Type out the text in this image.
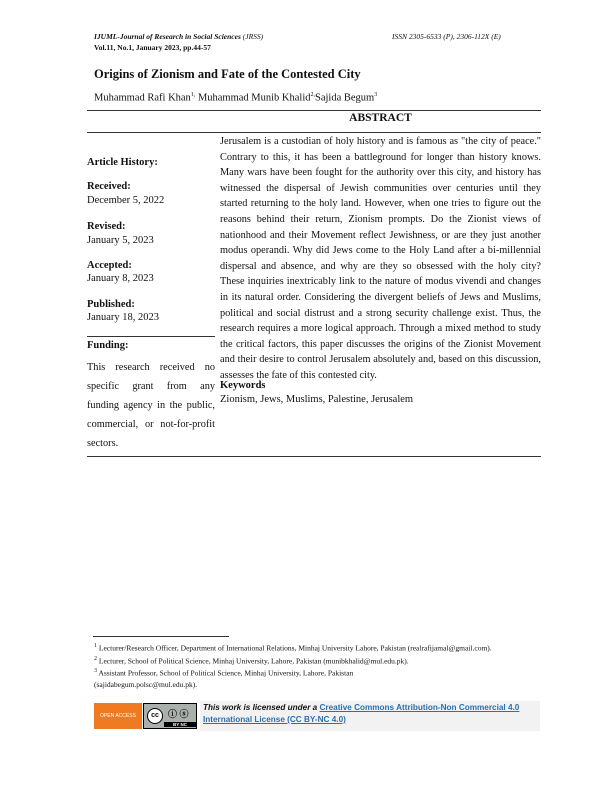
IJUML-Journal of Research in Social Sciences (JRSS)	ISSN 2305-6533 (P), 2306-112X (E)
Vol.11, No.1, January 2023, pp.44-57
Origins of Zionism and Fate of the Contested City
Muhammad Rafi Khan$^{1,}$ Muhammad Munib Khalid$^{2,}$Sajida Begum$^3$
ABSTRACT
Jerusalem is a custodian of holy history and is famous as "the city of peace." Contrary to this, it has been a battleground for longer than history knows. Many wars have been fought for the authority over this city, and history has witnessed the dispersal of Jewish communities over centuries until they started returning to the holy land. However, when one tries to figure out the reasons behind their return, Zionism prompts. Do the Zionist views of nationhood and their Movement reflect Jewishness, or are they just another modus operandi. Why did Jews come to the Holy Land after a bi-millennial dispersal and absence, and why are they so obsessed with the holy city? These inquiries inextricably link to the nature of modus vivendi and changes in its natural order. Considering the divergent beliefs of Jews and Muslims, political and social distrust and a strong security challenge exist. Thus, the research requires a more logical approach. Through a mixed method to study the critical factors, this paper discusses the origins of the Zionist Movement and their desire to control Jerusalem absolutely and, based on this discussion, assesses the fate of this contested city.
Article History:
Received:
December 5, 2022
Revised:
January 5, 2023
Accepted:
January 8, 2023
Published:
January 18, 2023
Funding:
This research received no specific grant from any funding agency in the public, commercial, or not-for-profit sectors.
Keywords
Zionism, Jews, Muslims, Palestine, Jerusalem
$^1$ Lecturer/Research Officer, Department of International Relations, Minhaj University Lahore, Pakistan (realrafijamal@gmail.com).
$^2$ Lecturer, School of Political Science, Minhaj University, Lahore, Pakistan (munibkhalid@mul.edu.pk).
$^3$ Assistant Professor, School of Political Science, Minhaj University, Lahore, Pakistan (sajidabegum.polsc@mul.edu.pk).
OPEN ACCESS	cc
BY NC
ⓘ ⓢ
This work is licensed under a Creative Commons Attribution-Non Commercial 4.0 International License (CC BY-NC 4.0)
